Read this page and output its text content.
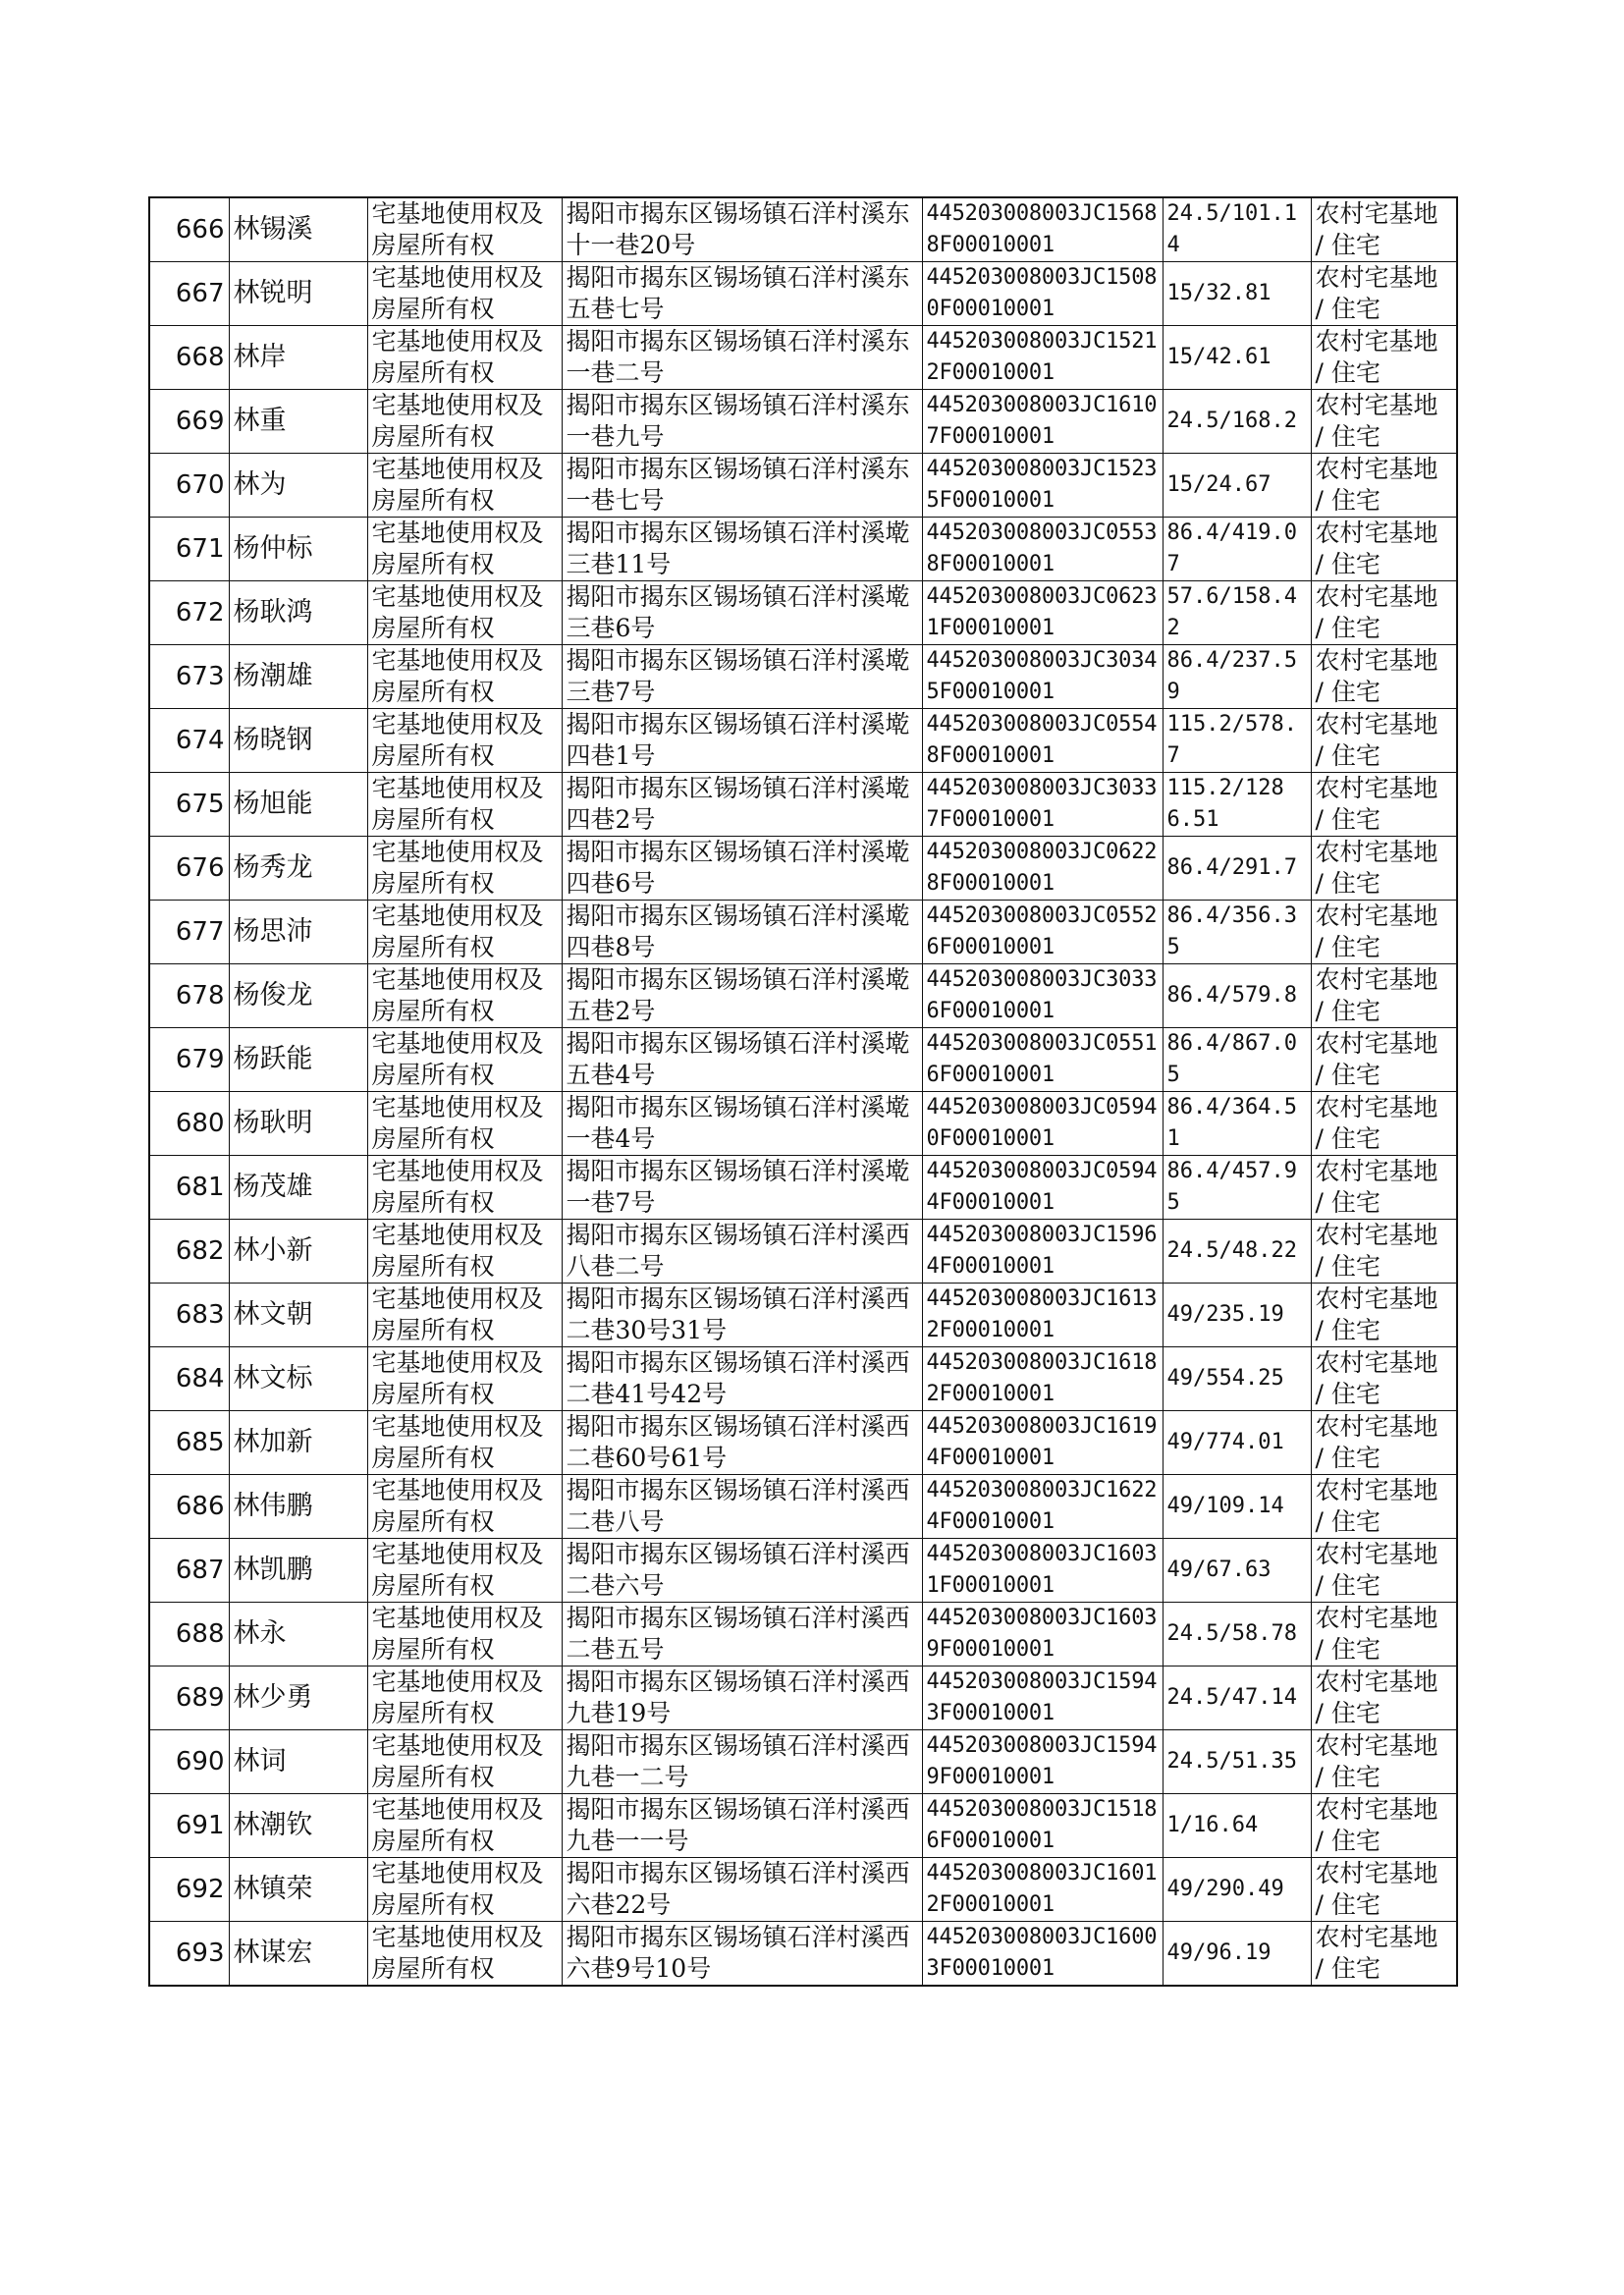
666	林锡溪	宅基地使用权及房屋所有权	揭阳市揭东区锡场镇石洋村溪东十一巷20号	445203008003JC15688F00010001	24.5/101.14	农村宅基地 / 住宅

667	林锐明	宅基地使用权及房屋所有权	揭阳市揭东区锡场镇石洋村溪东五巷七号	445203008003JC15080F00010001	15/32.81	农村宅基地 / 住宅

668	林岸	宅基地使用权及房屋所有权	揭阳市揭东区锡场镇石洋村溪东一巷二号	445203008003JC15212F00010001	15/42.61	农村宅基地 / 住宅

669	林重	宅基地使用权及房屋所有权	揭阳市揭东区锡场镇石洋村溪东一巷九号	445203008003JC16107F00010001	24.5/168.2	农村宅基地 / 住宅

670	林为	宅基地使用权及房屋所有权	揭阳市揭东区锡场镇石洋村溪东一巷七号	445203008003JC15235F00010001	15/24.67	农村宅基地 / 住宅

671	杨仲标	宅基地使用权及房屋所有权	揭阳市揭东区锡场镇石洋村溪墘三巷11号	445203008003JC05538F00010001	86.4/419.07	农村宅基地 / 住宅

672	杨耿鸿	宅基地使用权及房屋所有权	揭阳市揭东区锡场镇石洋村溪墘三巷6号	445203008003JC06231F00010001	57.6/158.42	农村宅基地 / 住宅

673	杨潮雄	宅基地使用权及房屋所有权	揭阳市揭东区锡场镇石洋村溪墘三巷7号	445203008003JC30345F00010001	86.4/237.59	农村宅基地 / 住宅

674	杨晓钢	宅基地使用权及房屋所有权	揭阳市揭东区锡场镇石洋村溪墘四巷1号	445203008003JC05548F00010001	115.2/578.7	农村宅基地 / 住宅

675	杨旭能	宅基地使用权及房屋所有权	揭阳市揭东区锡场镇石洋村溪墘四巷2号	445203008003JC30337F00010001	115.2/1286.51	农村宅基地 / 住宅

676	杨秀龙	宅基地使用权及房屋所有权	揭阳市揭东区锡场镇石洋村溪墘四巷6号	445203008003JC06228F00010001	86.4/291.7	农村宅基地 / 住宅

677	杨思沛	宅基地使用权及房屋所有权	揭阳市揭东区锡场镇石洋村溪墘四巷8号	445203008003JC05526F00010001	86.4/356.35	农村宅基地 / 住宅

678	杨俊龙	宅基地使用权及房屋所有权	揭阳市揭东区锡场镇石洋村溪墘五巷2号	445203008003JC30336F00010001	86.4/579.8	农村宅基地 / 住宅

679	杨跃能	宅基地使用权及房屋所有权	揭阳市揭东区锡场镇石洋村溪墘五巷4号	445203008003JC05516F00010001	86.4/867.05	农村宅基地 / 住宅

680	杨耿明	宅基地使用权及房屋所有权	揭阳市揭东区锡场镇石洋村溪墘一巷4号	445203008003JC05940F00010001	86.4/364.51	农村宅基地 / 住宅

681	杨茂雄	宅基地使用权及房屋所有权	揭阳市揭东区锡场镇石洋村溪墘一巷7号	445203008003JC05944F00010001	86.4/457.95	农村宅基地 / 住宅

682	林小新	宅基地使用权及房屋所有权	揭阳市揭东区锡场镇石洋村溪西八巷二号	445203008003JC15964F00010001	24.5/48.22	农村宅基地 / 住宅

683	林文朝	宅基地使用权及房屋所有权	揭阳市揭东区锡场镇石洋村溪西二巷30号31号	445203008003JC16132F00010001	49/235.19	农村宅基地 / 住宅

684	林文标	宅基地使用权及房屋所有权	揭阳市揭东区锡场镇石洋村溪西二巷41号42号	445203008003JC16182F00010001	49/554.25	农村宅基地 / 住宅

685	林加新	宅基地使用权及房屋所有权	揭阳市揭东区锡场镇石洋村溪西二巷60号61号	445203008003JC16194F00010001	49/774.01	农村宅基地 / 住宅

686	林伟鹏	宅基地使用权及房屋所有权	揭阳市揭东区锡场镇石洋村溪西二巷八号	445203008003JC16224F00010001	49/109.14	农村宅基地 / 住宅

687	林凯鹏	宅基地使用权及房屋所有权	揭阳市揭东区锡场镇石洋村溪西二巷六号	445203008003JC16031F00010001	49/67.63	农村宅基地 / 住宅

688	林永	宅基地使用权及房屋所有权	揭阳市揭东区锡场镇石洋村溪西二巷五号	445203008003JC16039F00010001	24.5/58.78	农村宅基地 / 住宅

689	林少勇	宅基地使用权及房屋所有权	揭阳市揭东区锡场镇石洋村溪西九巷19号	445203008003JC15943F00010001	24.5/47.14	农村宅基地 / 住宅

690	林词	宅基地使用权及房屋所有权	揭阳市揭东区锡场镇石洋村溪西九巷一二号	445203008003JC15949F00010001	24.5/51.35	农村宅基地 / 住宅

691	林潮钦	宅基地使用权及房屋所有权	揭阳市揭东区锡场镇石洋村溪西九巷一一号	445203008003JC15186F00010001	1/16.64	农村宅基地 / 住宅

692	林镇荣	宅基地使用权及房屋所有权	揭阳市揭东区锡场镇石洋村溪西六巷22号	445203008003JC16012F00010001	49/290.49	农村宅基地 / 住宅

693	林谋宏	宅基地使用权及房屋所有权	揭阳市揭东区锡场镇石洋村溪西六巷9号10号	445203008003JC16003F00010001	49/96.19	农村宅基地 / 住宅
